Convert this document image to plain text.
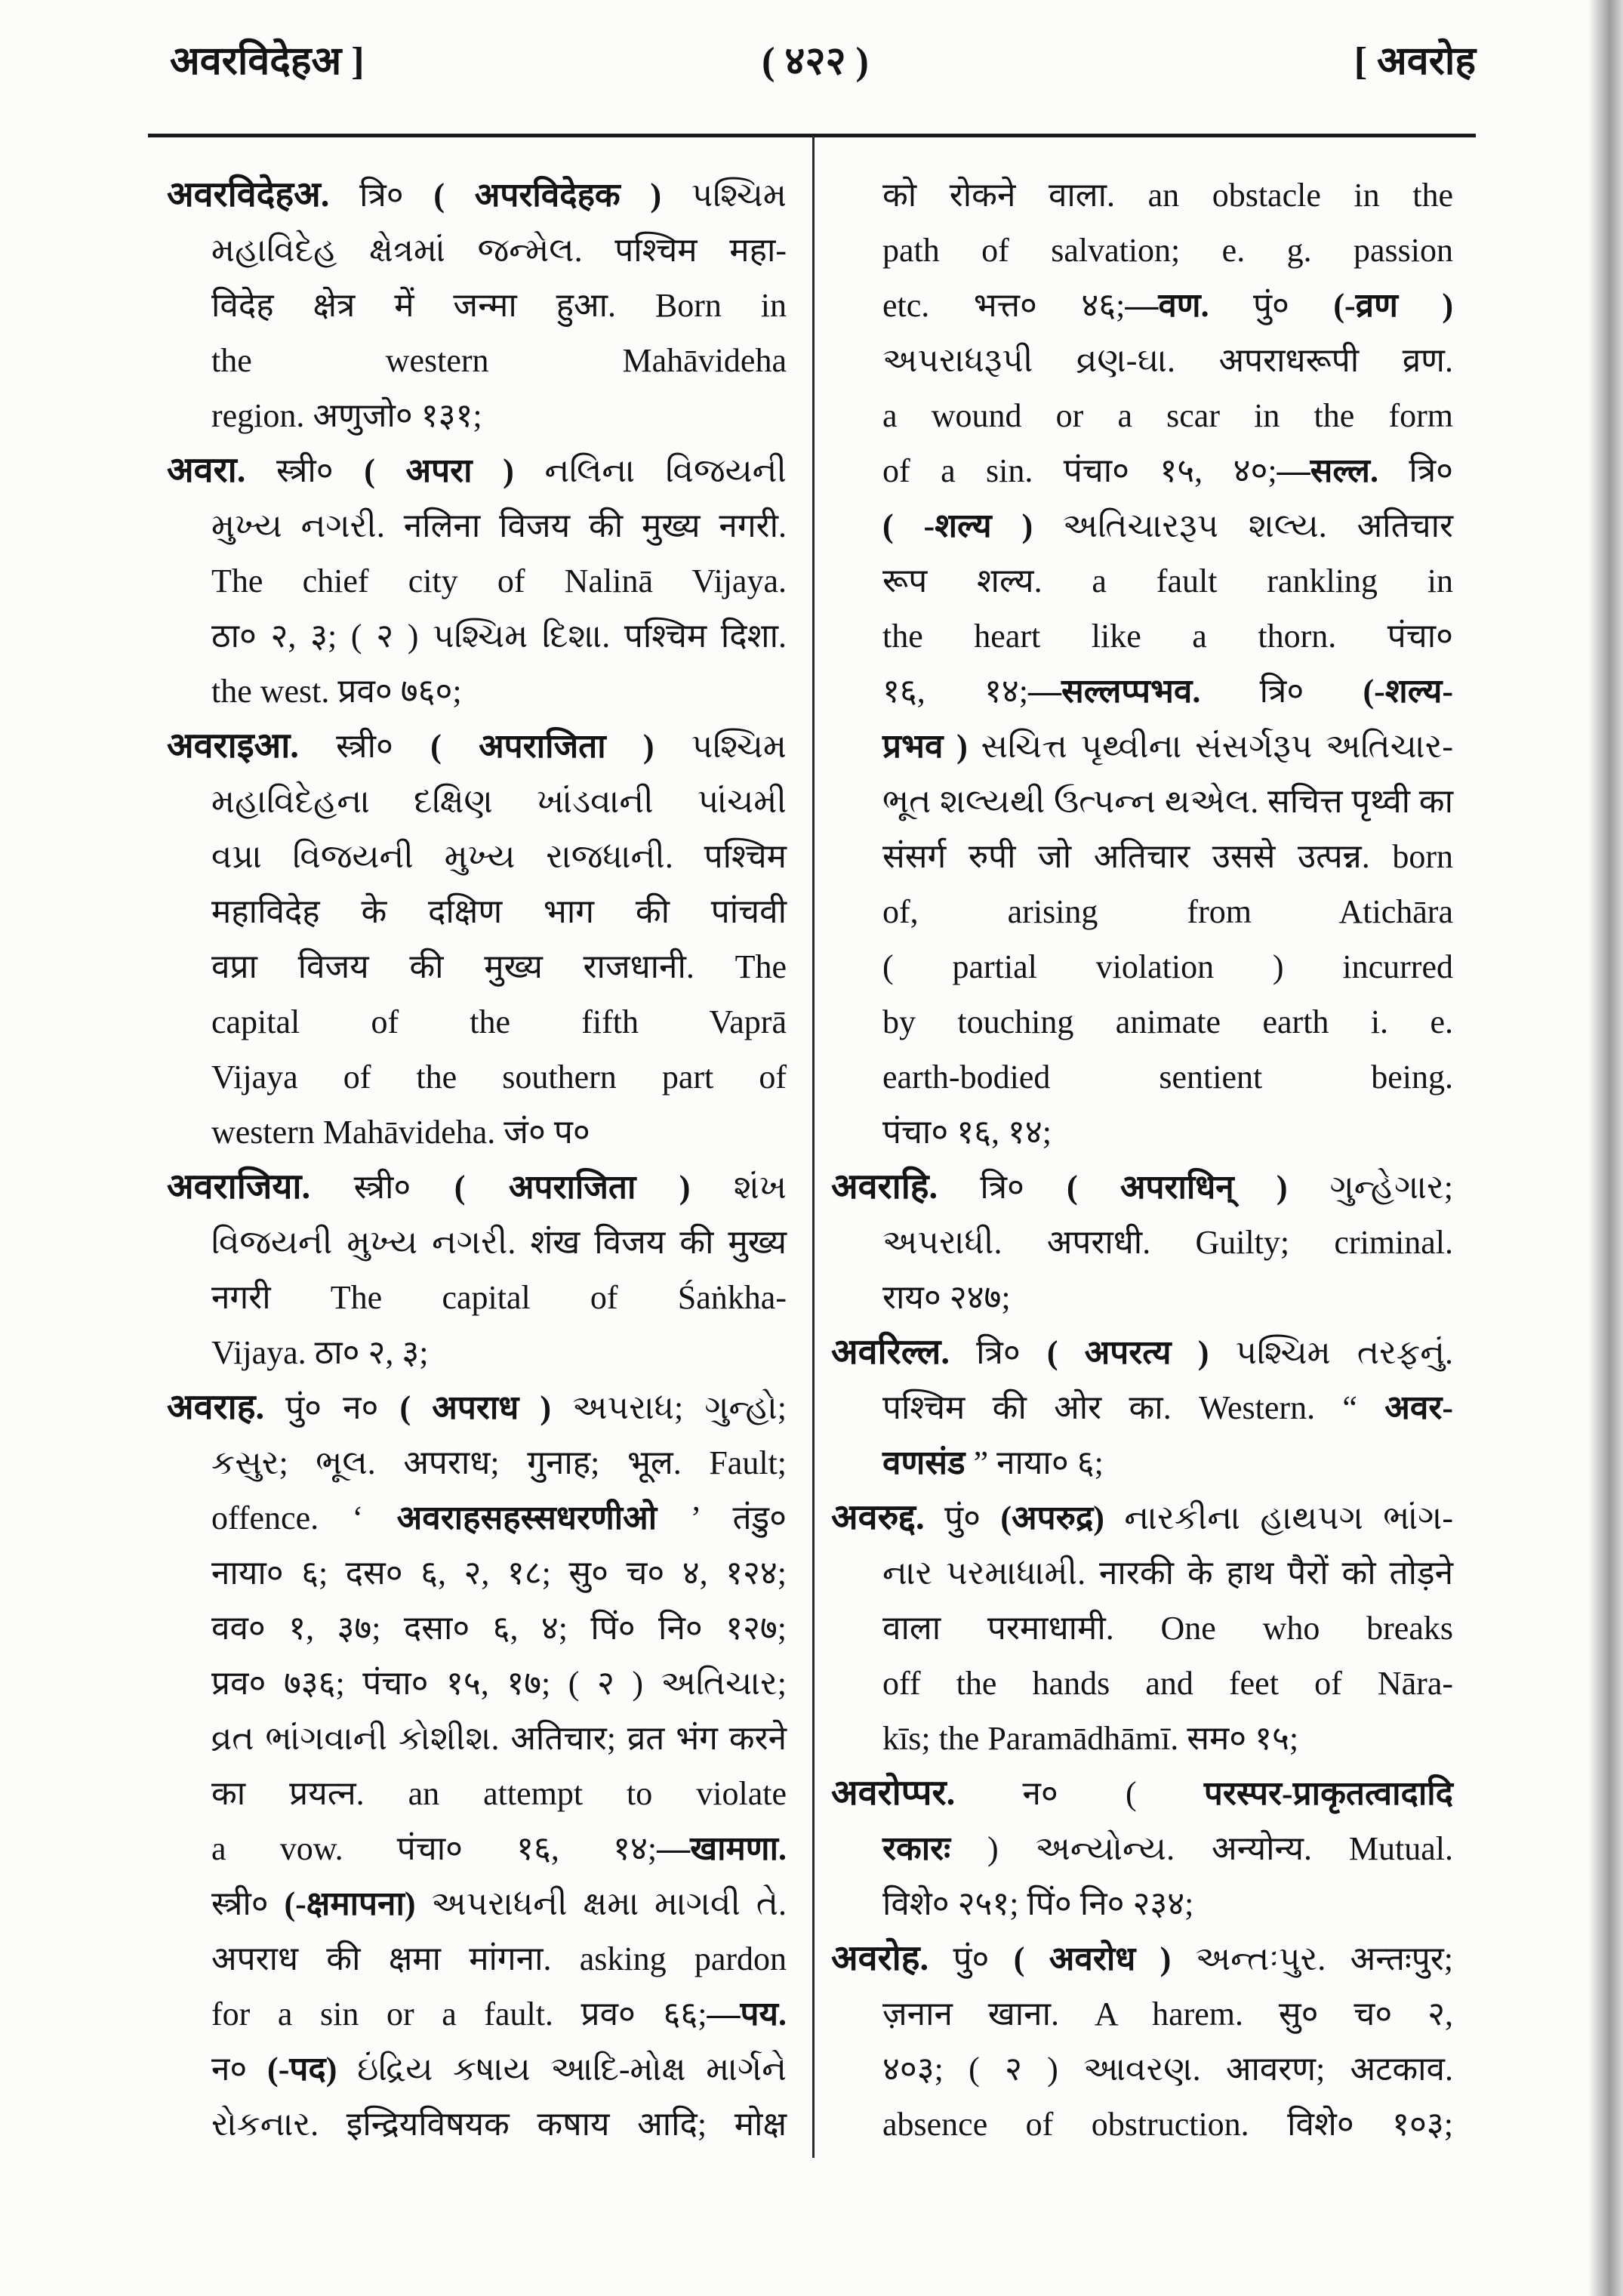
अवरविदेहअ ]	( ४२२ )	[ अवरोह
अवरविदेहअ. त्रि० ( अपरविदेहक ) પશ્ચિમ
મહાવિદેહ ક્ષેત્રમાં જન્મેલ. पश्चिम महा-
विदेह क्षेत्र में जन्मा हुआ. Born in
the western Mahāvideha
region. अणुजो० १३१;
अवरा. स्त्री० ( अपरा ) નલિના વિજયની
મુખ્ય નગરી. नलिना विजय की मुख्य नगरी.
The chief city of Nalinā Vijaya.
ठा० २, ३; ( २ ) પશ્ચિમ દિશા. पश्चिम दिशा.
the west. प्रव० ७६०;
अवराइआ. स्त्री० ( अपराजिता ) પશ્ચિમ
મહાવિદેહના દક્ષિણ ખાંડવાની પાંચમી
વપ્રા વિજયની મુખ્ય રાજધાની. पश्चिम
महाविदेह के दक्षिण भाग की पांचवी
वप्रा विजय की मुख्य राजधानी. The
capital of the fifth Vaprā
Vijaya of the southern part of
western Mahāvideha. जं० प०
अवराजिया. स्त्री० ( अपराजिता ) શંખ
વિજયની મુખ્ય નગરી. शंख विजय की मुख्य
नगरी The capital of Śaṅkha-
Vijaya. ठा० २, ३;
अवराह. पुं० न० ( अपराध ) અપરાધ; ગુન્હો;
કસુર; ભૂલ. अपराध; गुनाह; भूल. Fault;
offence. ‘ अवराहसहस्सधरणीओ ’ तंडु०
नाया० ६; दस० ६, २, १८; सु० च० ४, १२४;
वव० १, ३७; दसा० ६, ४; पिं० नि० १२७;
प्रव० ७३६; पंचा० १५, १७; ( २ ) અતિચાર;
વ્રત ભાંગવાની કોશીશ. अतिचार; व्रत भंग करने
का प्रयत्न. an attempt to violate
a vow. पंचा० १६, १४;—खामणा.
स्त्री० (-क्षमापना) અપરાધની ક્ષમા માગવી તે.
अपराध की क्षमा मांगना. asking pardon
for a sin or a fault. प्रव० ६६;—पय.
न० (-पद) ઇંદ્રિય કષાય આદિ-મોક્ષ માર્ગને
રોકનાર. इन्द्रियविषयक कषाय आदि; मोक्ष
को रोकने वाला. an obstacle in the
path of salvation; e. g. passion
etc. भत्त० ४६;—वण. पुं० (-व्रण )
અપરાધરૂપી વ્રણ-ઘા. अपराधरूपी व्रण.
a wound or a scar in the form
of a sin. पंचा० १५, ४०;—सल्ल. त्रि०
( -शल्य ) અતિચારરૂપ શલ્ય. अतिचार
रूप शल्य. a fault rankling in
the heart like a thorn. पंचा०
१६, १४;—सल्लप्पभव. त्रि० (-शल्य-
प्रभव ) સચિત્ત પૃથ્વીના સંસર્ગરૂપ અતિચાર-
ભૂત શલ્યથી ઉત્પન્ન થએલ. सचित्त पृथ्वी का
संसर्ग रुपी जो अतिचार उससे उत्पन्न. born
of, arising from Atichāra
( partial violation ) incurred
by touching animate earth i. e.
earth-bodied sentient being.
पंचा० १६, १४;
अवराहि. त्रि० ( अपराधिन् ) ગુન્હેગાર;
અપરાધી. अपराधी. Guilty; criminal.
राय० २४७;
अवरिल्ल. त्रि० ( अपरत्य ) પશ્ચિમ તરફનું.
पश्चिम की ओर का. Western. “ अवर-
वणसंड ” नाया० ६;
अवरुद्द. पुं० (अपरुद्र) નારકીના હાથપગ ભાંગ-
નાર પરમાધામી. नारकी के हाथ पैरों को तोड़ने
वाला परमाधामी. One who breaks
off the hands and feet of Nāra-
kīs; the Paramādhāmī. सम० १५;
अवरोप्पर. न० ( परस्पर-प्राकृतत्वादादि
रकारः ) અન્યોન્ય. अन्योन्य. Mutual.
विशे० २५१; पिं० नि० २३४;
अवरोह. पुं० ( अवरोध ) અન્તઃપુર. अन्तःपुर;
ज़नान खाना. A harem. सु० च० २,
४०३; ( २ ) આવરણ. आवरण; अटकाव.
absence of obstruction. विशे० १०३;
